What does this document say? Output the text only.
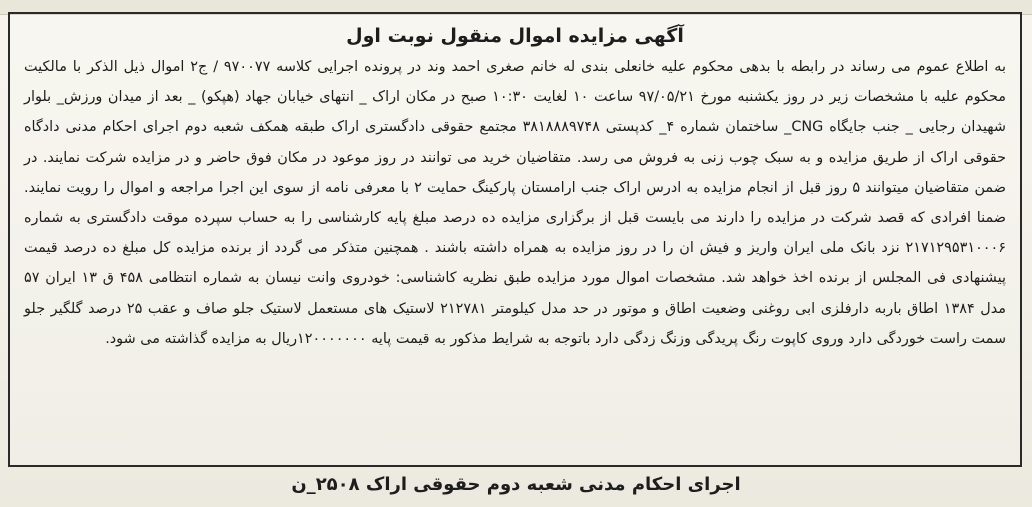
آگهی مزایده اموال منقول نوبت اول

به اطلاع عموم می رساند در رابطه با بدهی محکوم علیه خانعلی بندی له خانم صغری احمد وند در پرونده اجرایی کلاسه ۹۷۰۰۷۷ / ج۲ اموال ذیل الذکر با مالکیت محکوم علیه با مشخصات زیر در روز یکشنبه مورخ ۹۷/۰۵/۲۱ ساعت ۱۰ لغایت ۱۰:۳۰ صبح در مکان اراک _ انتهای خیابان جهاد (هپکو) _ بعد از میدان ورزش_ بلوار شهیدان رجایی _ جنب جایگاه CNG_ ساختمان شماره ۴_ کدپستی ۳۸۱۸۸۸۹۷۴۸ مجتمع حقوقی دادگستری اراک طبقه همکف شعبه دوم اجرای احکام مدنی دادگاه حقوقی اراک از طریق مزایده و به سبک چوب زنی به فروش می رسد. متقاضیان خرید می توانند در روز موعود در مکان فوق حاضر و در مزایده شرکت نمایند. در ضمن متقاضیان میتوانند ۵ روز قبل از انجام مزایده به ادرس اراک جنب ارامستان پارکینگ حمایت ۲ با معرفی نامه از سوی این اجرا مراجعه و اموال را رویت نمایند. ضمنا افرادی که قصد شرکت در مزایده را دارند می بایست قبل از برگزاری مزایده ده درصد مبلغ پایه کارشناسی را به حساب سپرده موقت دادگستری به شماره ۲۱۷۱۲۹۵۳۱۰۰۰۶ نزد بانک ملی ایران واریز و فیش ان را در روز مزایده به همراه داشته باشند . همچنین متذکر می گردد از برنده مزایده کل مبلغ ده درصد قیمت پیشنهادی فی المجلس از برنده اخذ خواهد شد. مشخصات اموال مورد مزایده طبق نظریه کاشناسی: خودروی وانت نیسان به شماره انتظامی ۴۵۸ ق ۱۳ ایران ۵۷ مدل ۱۳۸۴ اطاق باربه دارفلزی ابی روغنی وضعیت اطاق و موتور در حد مدل کیلومتر ۲۱۲۷۸۱ لاستیک های مستعمل لاستیک جلو صاف و عقب ۲۵ درصد گلگیر جلو سمت راست خوردگی دارد وروی کاپوت رنگ پریدگی وزنگ زدگی دارد باتوجه به شرایط مذکور به قیمت پایه ۱۲۰۰۰۰۰۰۰ریال به مزایده گذاشته می شود.

اجرای احکام مدنی شعبه دوم حقوقی اراک ۲۵۰۸_ن
